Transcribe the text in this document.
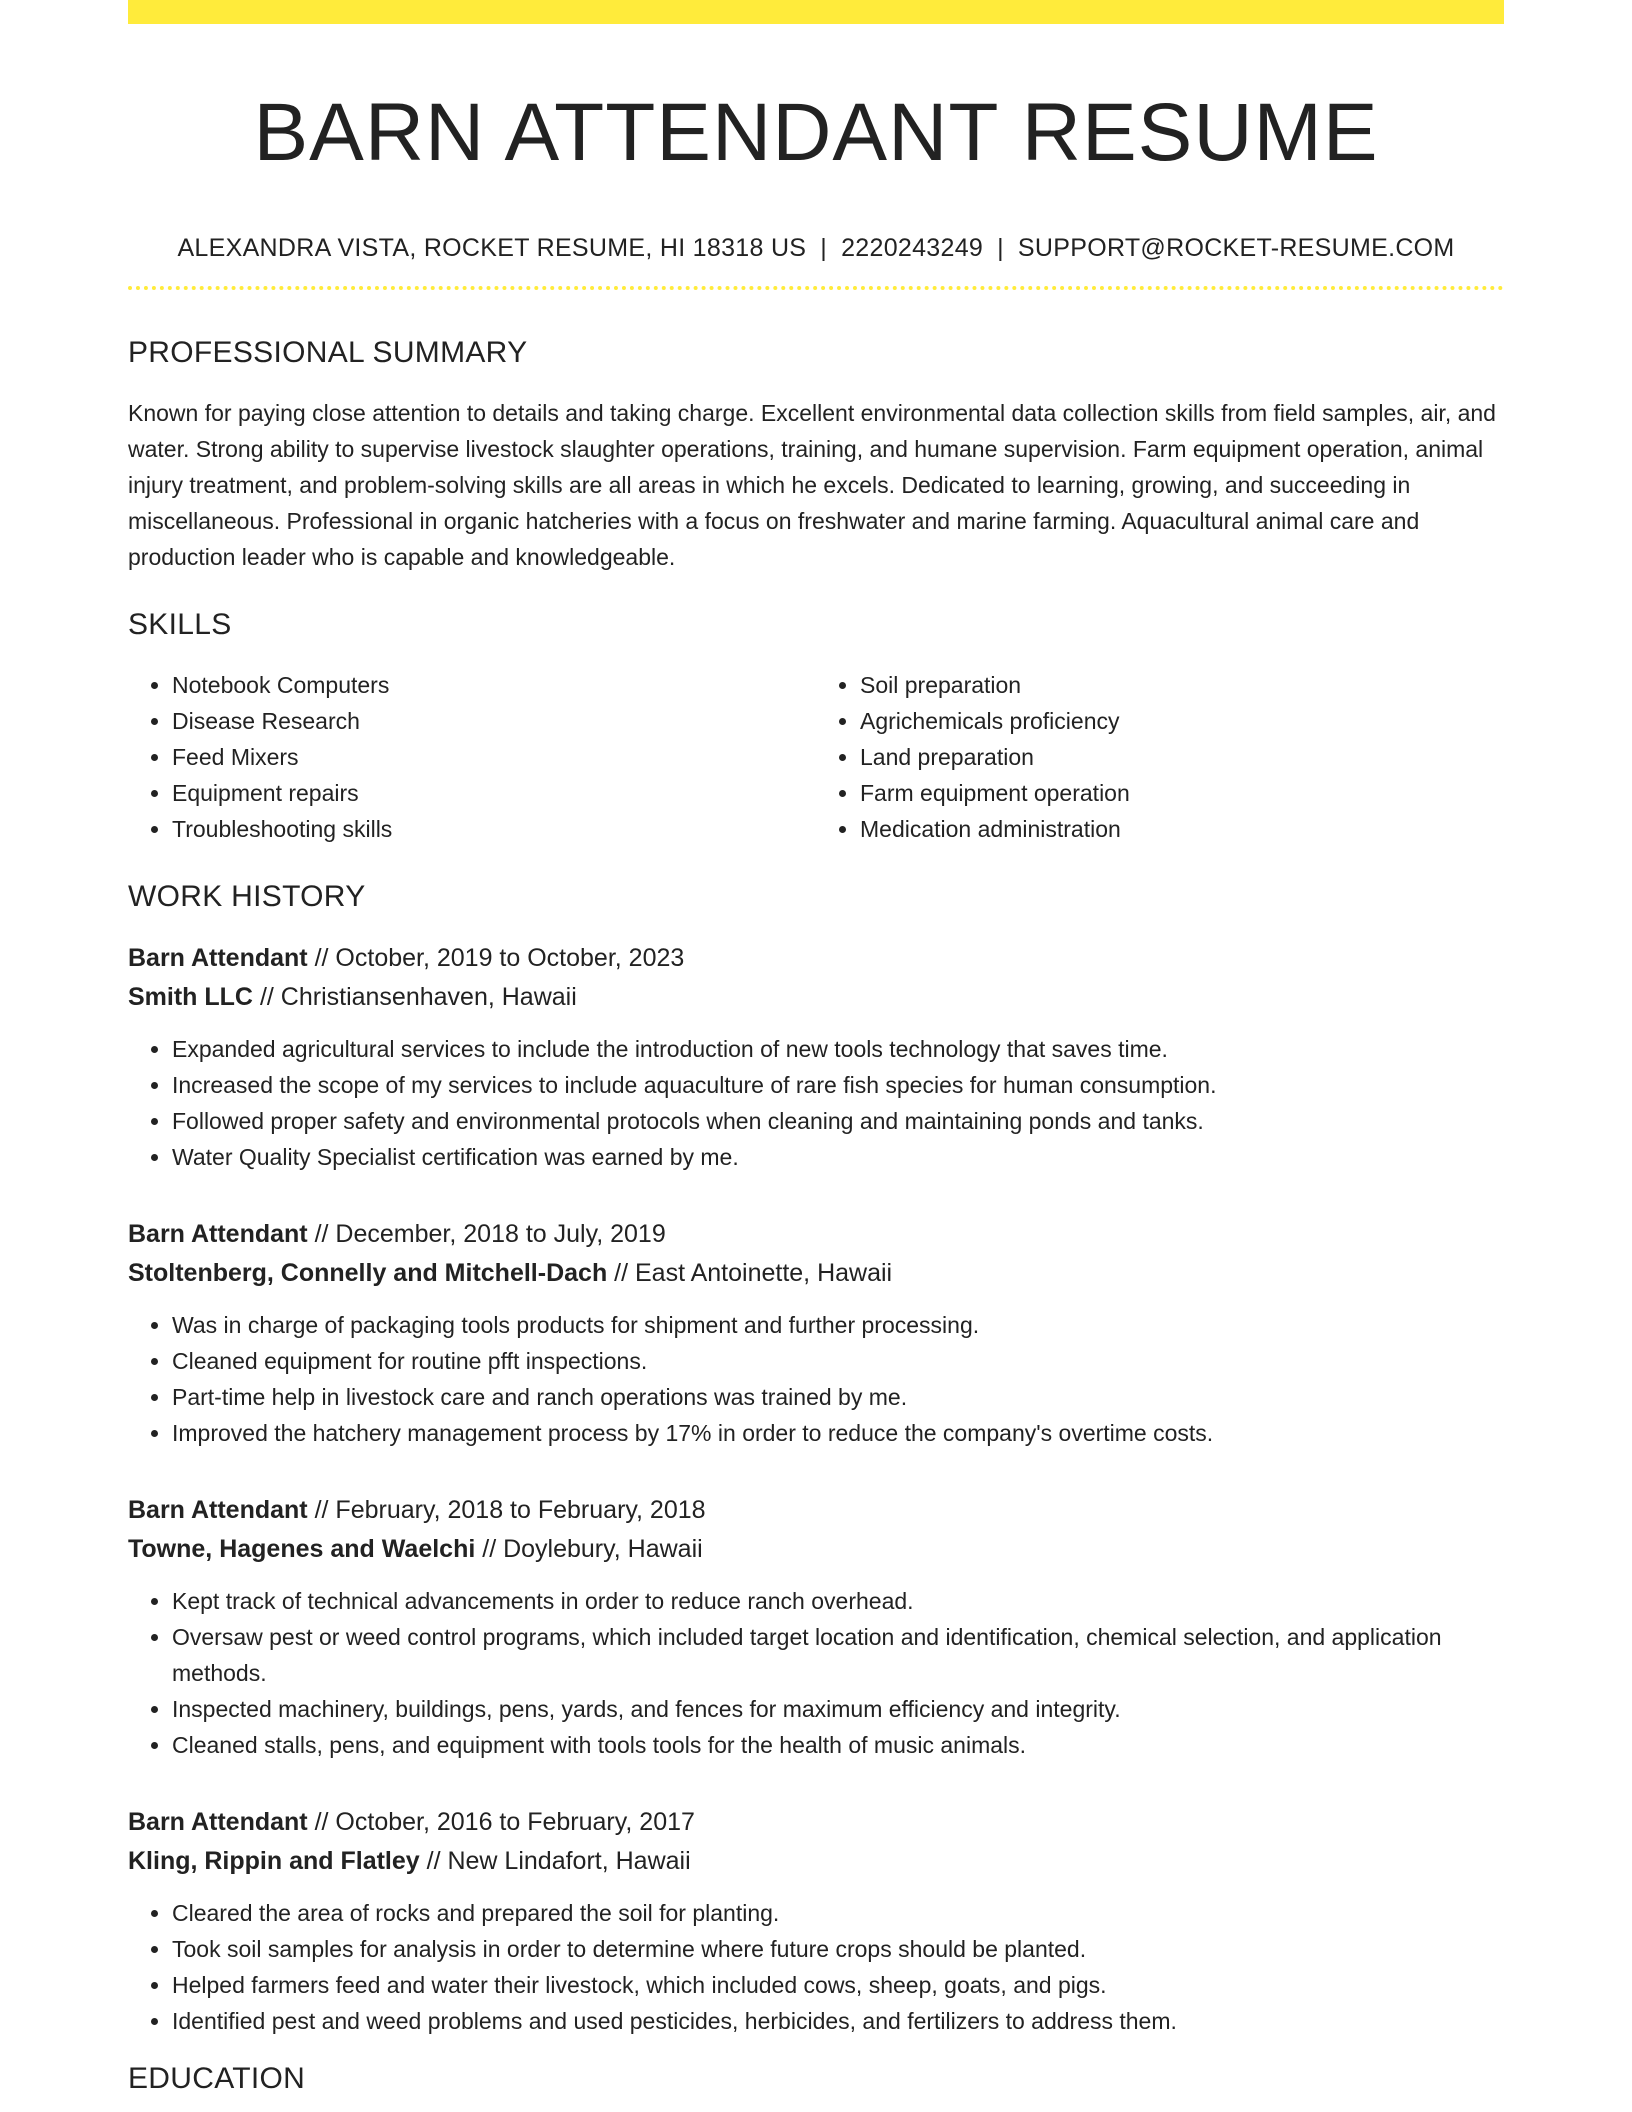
BARN ATTENDANT RESUME
ALEXANDRA VISTA, ROCKET RESUME, HI 18318 US | 2220243249 | SUPPORT@ROCKET-RESUME.COM
PROFESSIONAL SUMMARY

Known for paying close attention to details and taking charge. Excellent environmental data collection skills from field samples, air, and water. Strong ability to supervise livestock slaughter operations, training, and humane supervision. Farm equipment operation, animal injury treatment, and problem-solving skills are all areas in which he excels. Dedicated to learning, growing, and succeeding in miscellaneous. Professional in organic hatcheries with a focus on freshwater and marine farming. Aquacultural animal care and production leader who is capable and knowledgeable.

SKILLS
• Notebook Computers
• Disease Research
• Feed Mixers
• Equipment repairs
• Troubleshooting skills
• Soil preparation
• Agrichemicals proficiency
• Land preparation
• Farm equipment operation
• Medication administration
WORK HISTORY
Barn Attendant // October, 2019 to October, 2023
Smith LLC // Christiansenhaven, Hawaii
• Expanded agricultural services to include the introduction of new tools technology that saves time.
• Increased the scope of my services to include aquaculture of rare fish species for human consumption.
• Followed proper safety and environmental protocols when cleaning and maintaining ponds and tanks.
• Water Quality Specialist certification was earned by me.
Barn Attendant // December, 2018 to July, 2019
Stoltenberg, Connelly and Mitchell-Dach // East Antoinette, Hawaii
• Was in charge of packaging tools products for shipment and further processing.
• Cleaned equipment for routine pfft inspections.
• Part-time help in livestock care and ranch operations was trained by me.
• Improved the hatchery management process by 17% in order to reduce the company's overtime costs.
Barn Attendant // February, 2018 to February, 2018
Towne, Hagenes and Waelchi // Doylebury, Hawaii
• Kept track of technical advancements in order to reduce ranch overhead.
• Oversaw pest or weed control programs, which included target location and identification, chemical selection, and application methods.
• Inspected machinery, buildings, pens, yards, and fences for maximum efficiency and integrity.
• Cleaned stalls, pens, and equipment with tools tools for the health of music animals.
Barn Attendant // October, 2016 to February, 2017
Kling, Rippin and Flatley // New Lindafort, Hawaii
• Cleared the area of rocks and prepared the soil for planting.
• Took soil samples for analysis in order to determine where future crops should be planted.
• Helped farmers feed and water their livestock, which included cows, sheep, goats, and pigs.
• Identified pest and weed problems and used pesticides, herbicides, and fertilizers to address them.
EDUCATION
